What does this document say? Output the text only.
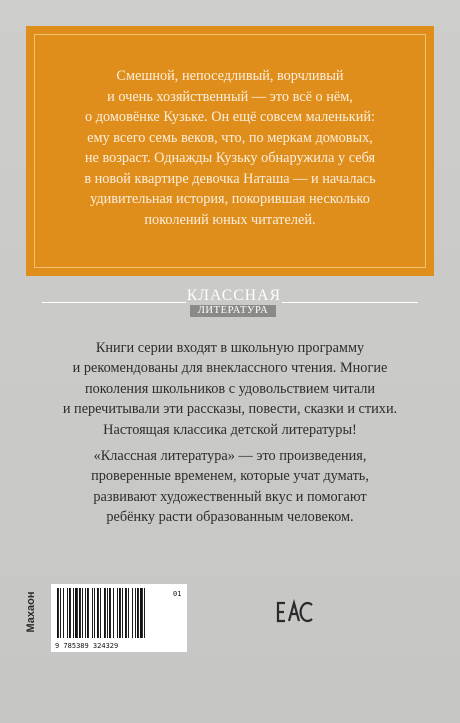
Смешной, непоседливый, ворчливый
и очень хозяйственный — это всё о нём,
о домовёнке Кузьке. Он ещё совсем маленький:
ему всего семь веков, что, по меркам домовых,
не возраст. Однажды Кузьку обнаружила у себя
в новой квартире девочка Наташа — и началась
удивительная история, покорившая несколько
поколений юных читателей.

КЛАССНАЯ
ЛИТЕРАТУРА

Книги серии входят в школьную программу
и рекомендованы для внеклассного чтения. Многие
поколения школьников с удовольствием читали
и перечитывали эти рассказы, повести, сказки и стихи.
Настоящая классика детской литературы!

«Классная литература» — это произведения,
проверенные временем, которые учат думать,
развивают художественный вкус и помогают
ребёнку расти образованным человеком.

Махаон
9 785389 324329
01
